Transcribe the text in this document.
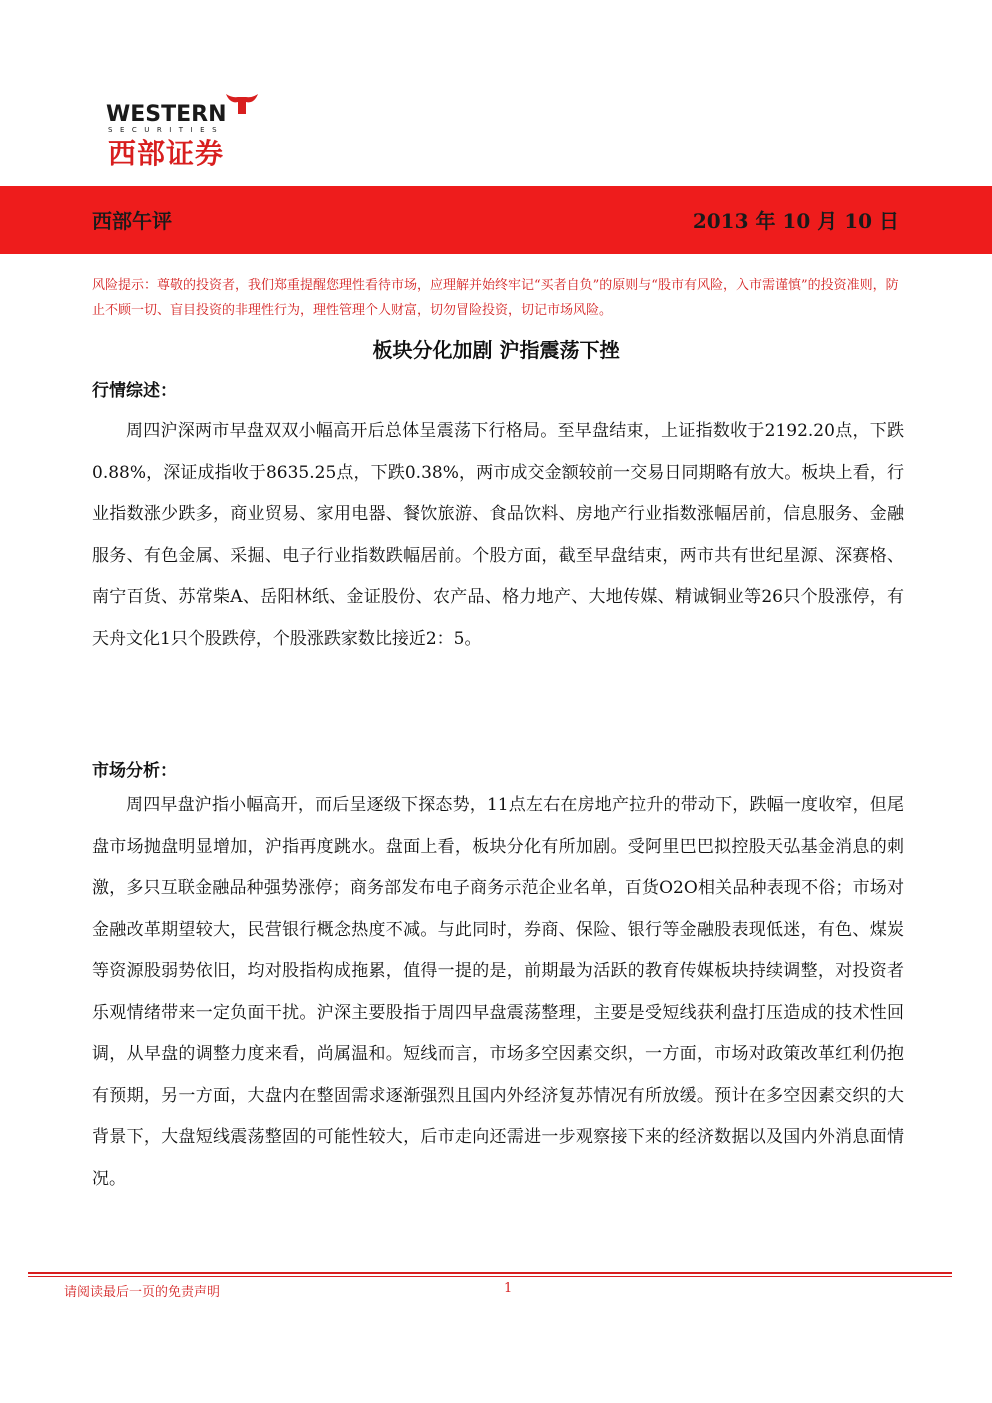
WESTERN
SECURITIES
西部证券
西部午评	2013 年 10 月 10 日
风险提示：尊敬的投资者，我们郑重提醒您理性看待市场，应理解并始终牢记“买者自负”的原则与“股市有风险，入市需谨慎”的投资准则，防止不顾一切、盲目投资的非理性行为，理性管理个人财富，切勿冒险投资，切记市场风险。
板块分化加剧 沪指震荡下挫
行情综述：
周四沪深两市早盘双双小幅高开后总体呈震荡下行格局。至早盘结束，上证指数收于2192.20点，下跌0.88%，深证成指收于8635.25点，下跌0.38%，两市成交金额较前一交易日同期略有放大。板块上看，行业指数涨少跌多，商业贸易、家用电器、餐饮旅游、食品饮料、房地产行业指数涨幅居前，信息服务、金融服务、有色金属、采掘、电子行业指数跌幅居前。个股方面，截至早盘结束，两市共有世纪星源、深赛格、南宁百货、苏常柴A、岳阳林纸、金证股份、农产品、格力地产、大地传媒、精诚铜业等26只个股涨停，有天舟文化1只个股跌停，个股涨跌家数比接近2：5。
市场分析：
周四早盘沪指小幅高开，而后呈逐级下探态势，11点左右在房地产拉升的带动下，跌幅一度收窄，但尾盘市场抛盘明显增加，沪指再度跳水。盘面上看，板块分化有所加剧。受阿里巴巴拟控股天弘基金消息的刺激，多只互联金融品种强势涨停；商务部发布电子商务示范企业名单，百货O2O相关品种表现不俗；市场对金融改革期望较大，民营银行概念热度不减。与此同时，券商、保险、银行等金融股表现低迷，有色、煤炭等资源股弱势依旧，均对股指构成拖累，值得一提的是，前期最为活跃的教育传媒板块持续调整，对投资者乐观情绪带来一定负面干扰。沪深主要股指于周四早盘震荡整理，主要是受短线获利盘打压造成的技术性回调，从早盘的调整力度来看，尚属温和。短线而言，市场多空因素交织，一方面，市场对政策改革红利仍抱有预期，另一方面，大盘内在整固需求逐渐强烈且国内外经济复苏情况有所放缓。预计在多空因素交织的大背景下，大盘短线震荡整固的可能性较大，后市走向还需进一步观察接下来的经济数据以及国内外消息面情况。
请阅读最后一页的免责声明	1
